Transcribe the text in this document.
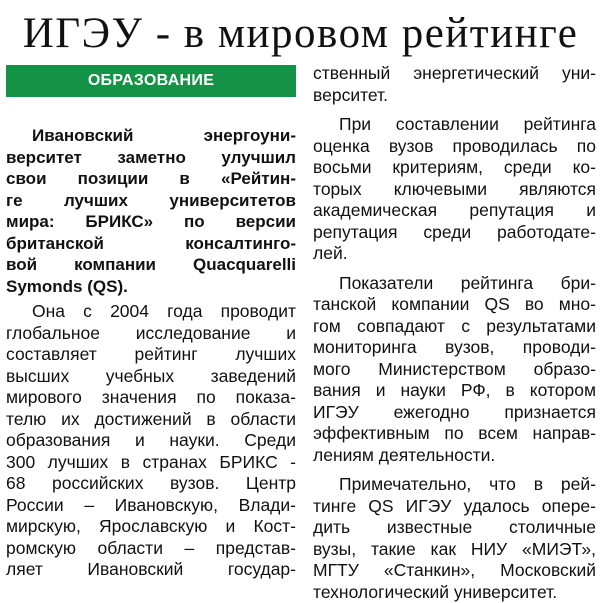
ИГЭУ - в мировом рейтинге
ОБРАЗОВАНИЕ
Ивановский энергоуни-
верситет заметно улучшил
свои позиции в «Рейтин-
ге лучших университетов
мира: БРИКС» по версии
британской консалтинго-
вой компании Quacquarelli
Symonds (QS).
Она с 2004 года проводит
глобальное исследование и
составляет рейтинг лучших
высших учебных заведений
мирового значения по показа-
телю их достижений в области
образования и науки. Среди
300 лучших в странах БРИКС -
68 российских вузов. Центр
России – Ивановскую, Влади-
мирскую, Ярославскую и Кост-
ромскую области – представ-
ляет Ивановский государ-
ственный энергетический уни-
верситет.
При составлении рейтинга
оценка вузов проводилась по
восьми критериям, среди ко-
торых ключевыми являются
академическая репутация и
репутация среди работодате-
лей.
Показатели рейтинга бри-
танской компании QS во мно-
гом совпадают с результатами
мониторинга вузов, проводи-
мого Министерством образо-
вания и науки РФ, в котором
ИГЭУ ежегодно признается
эффективным по всем направ-
лениям деятельности.
Примечательно, что в рей-
тинге QS ИГЭУ удалось опере-
дить известные столичные
вузы, такие как НИУ «МИЭТ»,
МГТУ «Станкин», Московский
технологический университет.
